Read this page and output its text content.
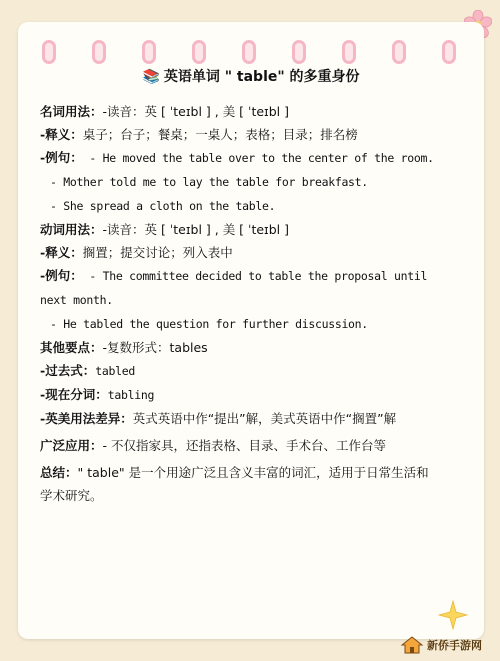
📚 英语单词 " table" 的多重身份
名词用法：-读音：英 [ ˈteɪbl ] , 美 [ ˈteɪbl ]
-释义：桌子；台子；餐桌；一桌人；表格；目录；排名榜
-例句： - He moved the table over to the center of the room.
- Mother told me to lay the table for breakfast.
- She spread a cloth on the table.
动词用法：-读音：英 [ ˈteɪbl ] , 美 [ ˈteɪbl ]
-释义：搁置；提交讨论；列入表中
-例句： - The committee decided to table the proposal until next month.
- He tabled the question for further discussion.
其他要点：-复数形式：tables
-过去式：tabled
-现在分词：tabling
-英美用法差异：英式英语中作“提出”解，美式英语中作“搁置”解
广泛应用：- 不仅指家具，还指表格、目录、手术台、工作台等
总结：" table" 是一个用途广泛且含义丰富的词汇，适用于日常生活和学术研究。
新侨手游网
